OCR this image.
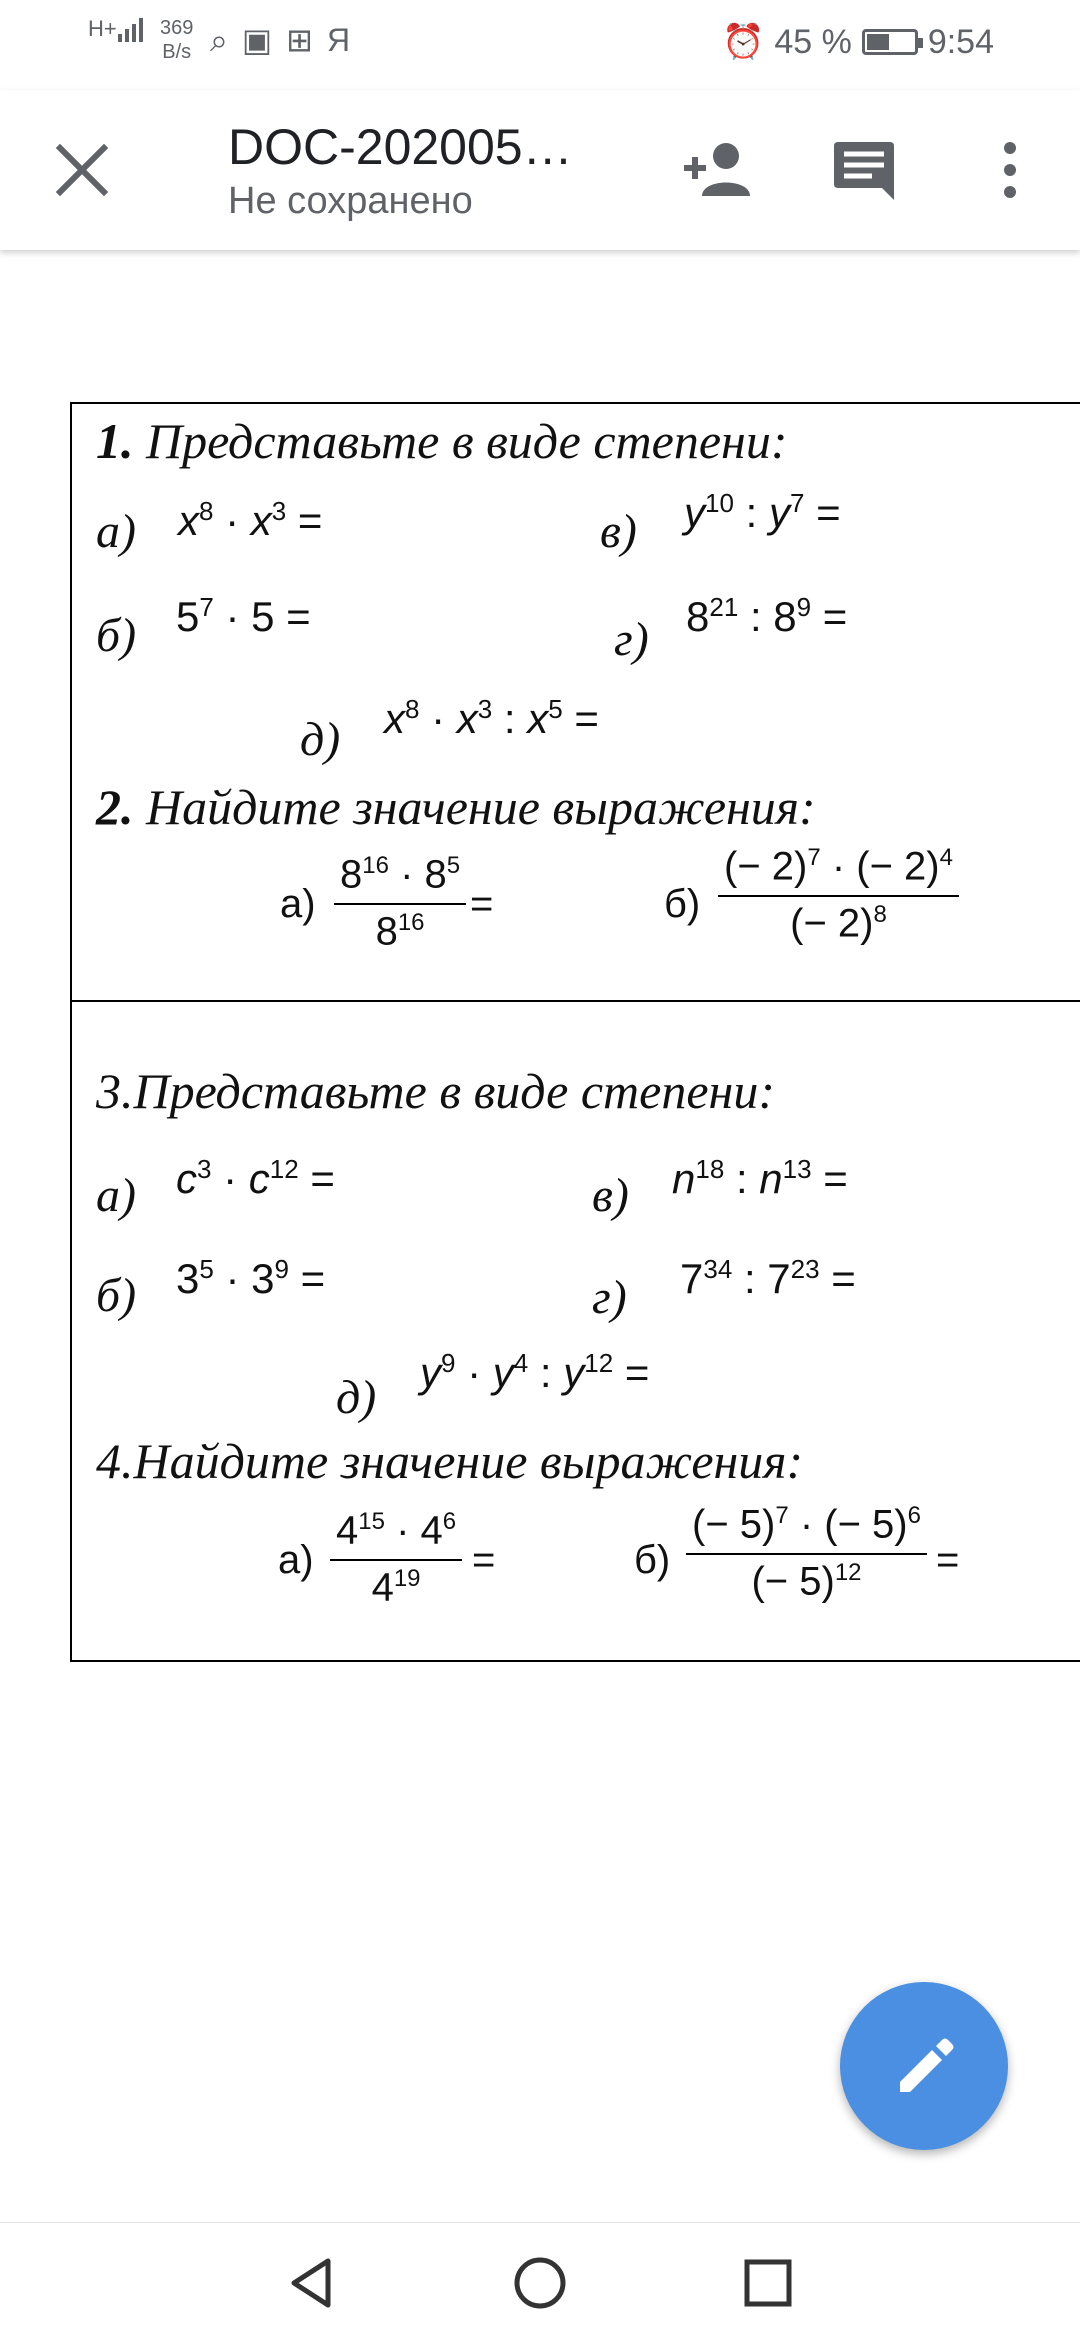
H+ 369
B/s ⌕ ▣ ⊞ Я	⏰ 45 % 9:54
DOC-202005…
Не сохранено
1. Представьте в виде степени:
а) $x^8 \cdot x^3$ =	в) $y^{10}$ : $y^7$ =
б) $5^7 \cdot 5$ =	г) $8^{21}$ : $8^9$ =
д) $x^8 \cdot x^3$ : $x^5$ =
2. Найдите значение выражения:
$а) \frac{8^{16} \cdot 8^5}{8^{16}}$ =	$б) \frac{(- 2)^7 \cdot (- 2)^4}{(- 2)^8}$
3.Представьте в виде степени:
а) $c^3 \cdot c^{12}$ =	в) $n^{18}$ : $n^{13}$ =
б) $3^5 \cdot 3^9$ =	г) $7^{34}$ : $7^{23}$ =
д) $y^9 \cdot y^4$ : $y^{12}$ =
4.Найдите значение выражения:
$а) \frac{4^{15} \cdot 4^6}{4^{19}}$ =	$б) \frac{(- 5)^7 \cdot (- 5)^6}{(- 5)^{12}}$ =
